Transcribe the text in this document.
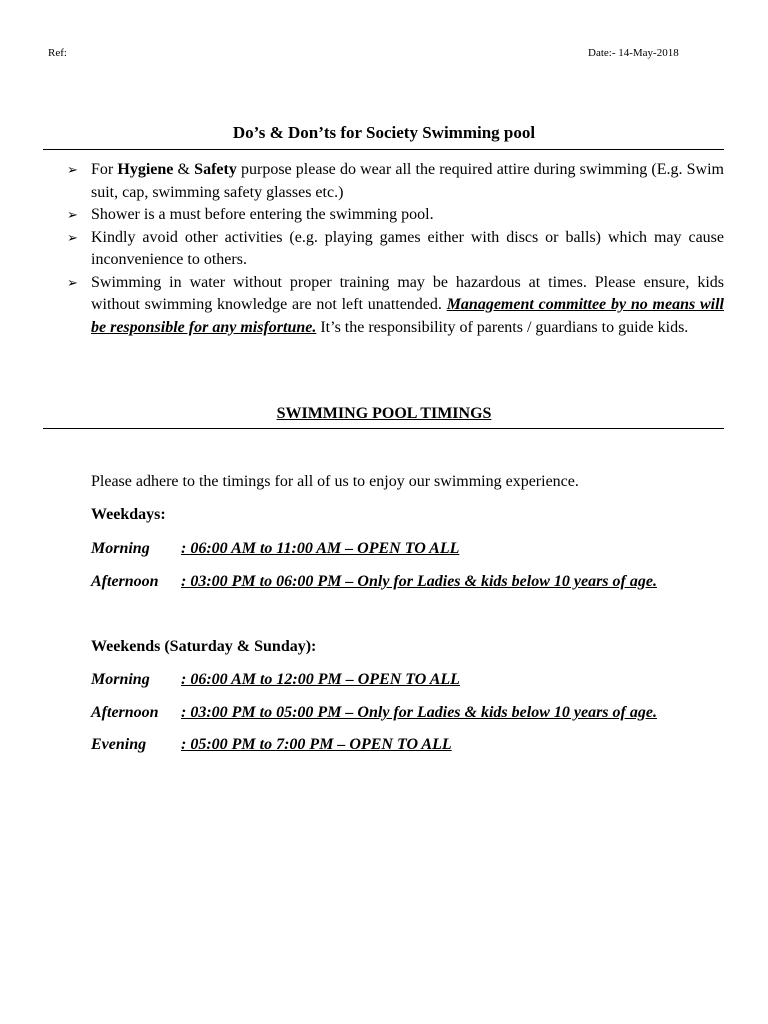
Ref:	Date:- 14-May-2018
Do’s & Don’ts for Society Swimming pool
➢ For Hygiene & Safety purpose please do wear all the required attire during swimming (E.g. Swim suit, cap, swimming safety glasses etc.)
➢ Shower is a must before entering the swimming pool.
➢ Kindly avoid other activities (e.g. playing games either with discs or balls) which may cause inconvenience to others.
➢ Swimming in water without proper training may be hazardous at times. Please ensure, kids without swimming knowledge are not left unattended. Management committee by no means will be responsible for any misfortune. It’s the responsibility of parents / guardians to guide kids.
SWIMMING POOL TIMINGS
Please adhere to the timings for all of us to enjoy our swimming experience.
Weekdays:
Morning : 06:00 AM to 11:00 AM – OPEN TO ALL
Afternoon : 03:00 PM to 06:00 PM – Only for Ladies & kids below 10 years of age.
Weekends (Saturday & Sunday):
Morning : 06:00 AM to 12:00 PM – OPEN TO ALL
Afternoon : 03:00 PM to 05:00 PM – Only for Ladies & kids below 10 years of age.
Evening : 05:00 PM to 7:00 PM – OPEN TO ALL
